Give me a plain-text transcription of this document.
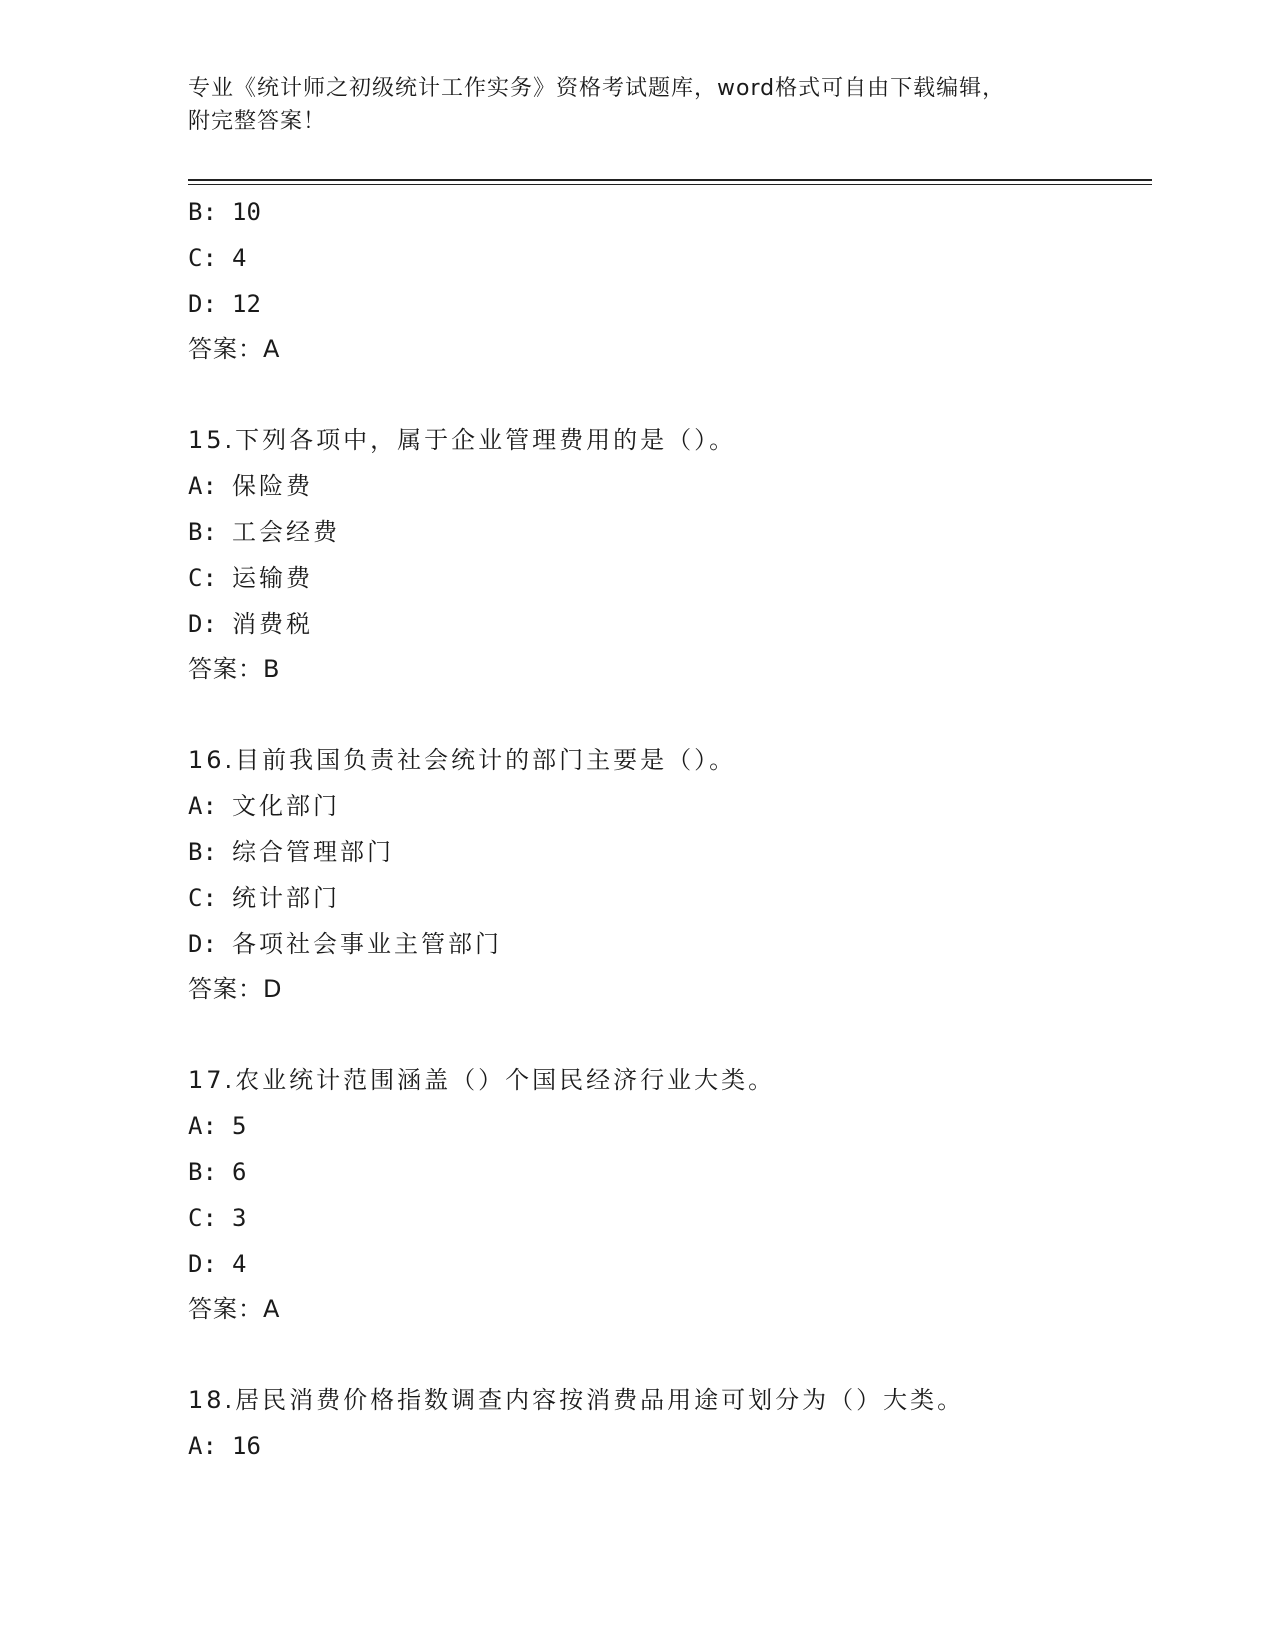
专业《统计师之初级统计工作实务》资格考试题库，word格式可自由下载编辑，
附完整答案！
B: 10
C: 4
D: 12
答案：A
15.下列各项中，属于企业管理费用的是（）。
A: 保险费
B: 工会经费
C: 运输费
D: 消费税
答案：B
16.目前我国负责社会统计的部门主要是（）。
A: 文化部门
B: 综合管理部门
C: 统计部门
D: 各项社会事业主管部门
答案：D
17.农业统计范围涵盖（）个国民经济行业大类。
A: 5
B: 6
C: 3
D: 4
答案：A
18.居民消费价格指数调查内容按消费品用途可划分为（）大类。
A: 16
